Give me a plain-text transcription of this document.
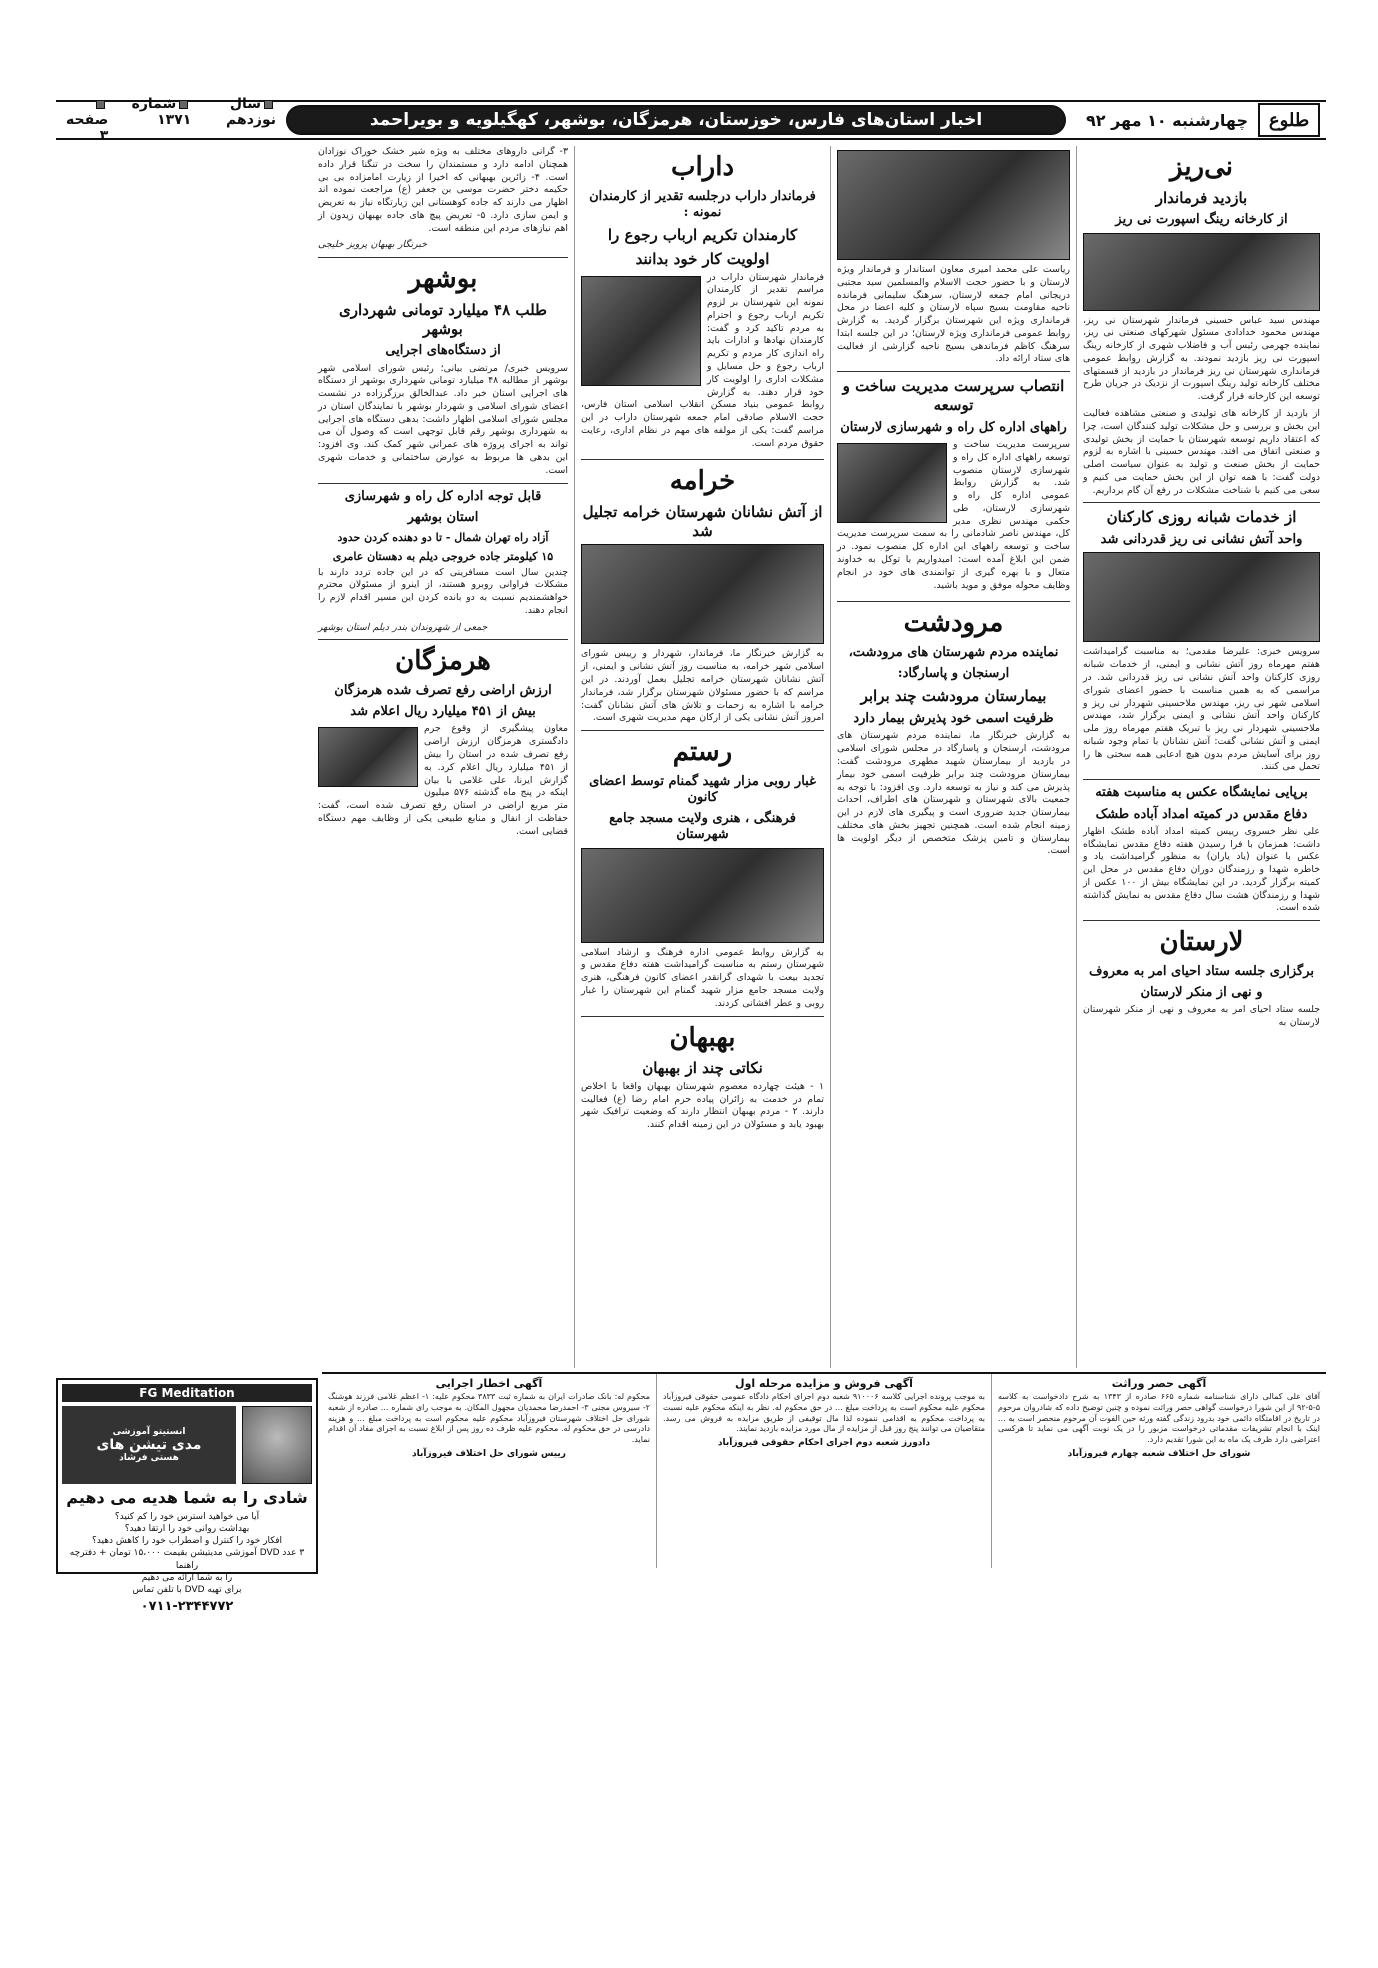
طلوع
چهارشنبه ۱۰ مهر ۹۲
اخبار استان‌های فارس، خوزستان، هرمزگان، بوشهر، کهگیلویه و بویراحمد
سال نوزدهم
شماره ۱۳۷۱
صفحه ۳
نی‌ریز
بازدید فرماندار
از کارخانه رینگ اسپورت نی ریز
مهندس سید عباس حسینی فرماندار شهرستان نی ریز، مهندس محمود خدادادی مسئول شهرکهای صنعتی نی ریز، نماینده جهرمی رئیس آب و فاضلاب شهری از کارخانه رینگ اسپورت نی ریز بازدید نمودند. به گزارش روابط عمومی فرمانداری شهرستان نی ریز فرماندار در بازدید از قسمتهای مختلف کارخانه تولید رینگ اسپورت از نزدیک در جریان طرح توسعه این کارخانه قرار گرفت.
از بازدید از کارخانه های تولیدی و صنعتی مشاهده فعالیت این بخش و بررسی و حل مشکلات تولید کنندگان است، چرا که اعتقاد داریم توسعه شهرستان با حمایت از بخش تولیدی و صنعتی اتفاق می افتد. مهندس حسینی با اشاره به لزوم حمایت از بخش صنعت و تولید به عنوان سیاست اصلی دولت گفت: با همه توان از این بخش حمایت می کنیم و سعی می کنیم با شناخت مشکلات در رفع آن گام برداریم.
از خدمات شبانه روزی کارکنان
واحد آتش نشانی نی ریز قدردانی شد
سرویس خبری: علیرضا مقدمی؛ به مناسبت گرامیداشت هفتم مهرماه روز آتش نشانی و ایمنی، از خدمات شبانه روزی کارکنان واحد آتش نشانی نی ریز قدردانی شد. در مراسمی که به همین مناسبت با حضور اعضای شورای اسلامی شهر نی ریز، مهندس ملاحسینی شهردار نی ریز و کارکنان واحد آتش نشانی و ایمنی برگزار شد، مهندس ملاحسینی شهردار نی ریز با تبریک هفتم مهرماه روز ملی ایمنی و آتش نشانی گفت: آتش نشانان با تمام وجود شبانه روز برای آسایش مردم بدون هیچ ادعایی همه سختی ها را تحمل می کنند.
برپایی نمایشگاه عکس به مناسبت هفته
دفاع مقدس در کمیته امداد آباده طشک
علی نظر خسروی رییس کمیته امداد آباده طشک اظهار داشت: همزمان با فرا رسیدن هفته دفاع مقدس نمایشگاه عکس با عنوان (یاد یاران) به منظور گرامیداشت یاد و خاطره شهدا و رزمندگان دوران دفاع مقدس در محل این کمیته برگزار گردید. در این نمایشگاه بیش از ۱۰۰ عکس از شهدا و رزمندگان هشت سال دفاع مقدس به نمایش گذاشته شده است.
لارستان
برگزاری جلسه ستاد احیای امر به معروف
و نهی از منکر لارستان
جلسه ستاد احیای امر به معروف و نهی از منکر شهرستان لارستان به
ریاست علی محمد امیری معاون استاندار و فرماندار ویژه لارستان و با حضور حجت الاسلام والمسلمین سید مجتبی دریجانی امام جمعه لارستان، سرهنگ سلیمانی فرمانده ناحیه مقاومت بسیج سپاه لارستان و کلیه اعضا در محل فرمانداری ویژه این شهرستان برگزار گردید. به گزارش روابط عمومی فرمانداری ویژه لارستان؛ در این جلسه ابتدا سرهنگ کاظم فرماندهی بسیج ناحیه گزارشی از فعالیت های ستاد ارائه داد.
انتصاب سرپرست مدیریت ساخت و توسعه
راههای اداره کل راه و شهرسازی لارستان
سرپرست مدیریت ساخت و توسعه راههای اداره کل راه و شهرسازی لارستان منصوب شد. به گزارش روابط عمومی اداره کل راه و شهرسازی لارستان، طی حکمی مهندس نظری مدیر کل، مهندس ناصر شادمانی را به سمت سرپرست مدیریت ساخت و توسعه راههای این اداره کل منصوب نمود. در ضمن این ابلاغ آمده است: امیدواریم با توکل به خداوند متعال و با بهره گیری از توانمندی های خود در انجام وظایف محوله موفق و موید باشید.
مرودشت
نماینده مردم شهرستان های مرودشت،
ارسنجان و پاسارگاد:
بیمارستان مرودشت چند برابر
ظرفیت اسمی خود پذیرش بیمار دارد
به گزارش خبرنگار ما، نماینده مردم شهرستان های مرودشت، ارسنجان و پاسارگاد در مجلس شورای اسلامی در بازدید از بیمارستان شهید مطهری مرودشت گفت: بیمارستان مرودشت چند برابر ظرفیت اسمی خود بیمار پذیرش می کند و نیاز به توسعه دارد. وی افزود: با توجه به جمعیت بالای شهرستان و شهرستان های اطراف، احداث بیمارستان جدید ضروری است و پیگیری های لازم در این زمینه انجام شده است. همچنین تجهیز بخش های مختلف بیمارستان و تامین پزشک متخصص از دیگر اولویت ها است.
داراب
فرماندار داراب درجلسه تقدیر از کارمندان نمونه :
کارمندان تکریم ارباب رجوع را
اولویت کار خود بدانند
فرماندار شهرستان داراب در مراسم تقدیر از کارمندان نمونه این شهرستان بر لزوم تکریم ارباب رجوع و احترام به مردم تاکید کرد و گفت: کارمندان نهادها و ادارات باید راه اندازی کار مردم و تکریم ارباب رجوع و حل مسایل و مشکلات اداری را اولویت کار خود قرار دهند. به گزارش روابط عمومی بنیاد مسکن انقلاب اسلامی استان فارس، حجت الاسلام صادقی امام جمعه شهرستان داراب در این مراسم گفت: یکی از مولفه های مهم در نظام اداری، رعایت حقوق مردم است.
خرامه
از آتش نشانان شهرستان خرامه تجلیل شد
به گزارش خبرنگار ما، فرماندار، شهردار و رییس شورای اسلامی شهر خرامه، به مناسبت روز آتش نشانی و ایمنی، از آتش نشانان شهرستان خرامه تجلیل بعمل آوردند. در این مراسم که با حضور مسئولان شهرستان برگزار شد، فرماندار خرامه با اشاره به زحمات و تلاش های آتش نشانان گفت: امروز آتش نشانی یکی از ارکان مهم مدیریت شهری است.
رستم
غبار روبی مزار شهید گمنام توسط اعضای کانون
فرهنگی ، هنری ولایت مسجد جامع شهرستان
به گزارش روابط عمومی اداره فرهنگ و ارشاد اسلامی شهرستان رستم به مناسبت گرامیداشت هفته دفاع مقدس و تجدید بیعت با شهدای گرانقدر اعضای کانون فرهنگی، هنری ولایت مسجد جامع مزار شهید گمنام این شهرستان را غبار روبی و عطر افشانی کردند.
بهبهان
نکاتی چند از بهبهان
۱ - هیئت چهارده معصوم شهرستان بهبهان واقعا با اخلاص تمام در خدمت به زائران پیاده حرم امام رضا (ع) فعالیت دارند. ۲ - مردم بهبهان انتظار دارند که وضعیت ترافیک شهر بهبود یابد و مسئولان در این زمینه اقدام کنند.
۳- گرانی داروهای مختلف به ویژه شیر خشک خوراک نوزادان همچنان ادامه دارد و مستمندان را سخت در تنگنا قرار داده است. ۴- زائرین بهبهانی که اخیرا از زیارت امامزاده بی بی حکیمه دختر حضرت موسی بن جعفر (ع) مراجعت نموده اند اظهار می دارند که جاده کوهستانی این زیارتگاه نیاز به تعریض و ایمن سازی دارد. ۵- تعریض پیچ های جاده بهبهان زیدون از اهم نیازهای مردم این منطقه است.
خبرنگار بهبهان پرویز خلیجی
بوشهر
طلب ۴۸ میلیارد تومانی شهرداری بوشهر
از دستگاه‌های اجرایی
سرویس خبری/ مرتضی بیانی؛ رئیس شورای اسلامی شهر بوشهر از مطالبه ۴۸ میلیارد تومانی شهرداری بوشهر از دستگاه های اجرایی استان خبر داد. عبدالخالق برزگرزاده در نشست اعضای شورای اسلامی و شهردار بوشهر با نمایندگان استان در مجلس شورای اسلامی اظهار داشت: بدهی دستگاه های اجرایی به شهرداری بوشهر رقم قابل توجهی است که وصول آن می تواند به اجرای پروژه های عمرانی شهر کمک کند. وی افزود: این بدهی ها مربوط به عوارض ساختمانی و خدمات شهری است.
قابل توجه اداره کل راه و شهرسازی
استان بوشهر
آزاد راه تهران شمال - تا دو دهنده کردن حدود
۱۵ کیلومتر جاده خروجی دیلم به دهستان عامری
چندین سال است مسافرینی که در این جاده تردد دارند با مشکلات فراوانی روبرو هستند، از اینرو از مسئولان محترم خواهشمندیم نسبت به دو بانده کردن این مسیر اقدام لازم را انجام دهند.
جمعی از شهروندان بندر دیلم استان بوشهر
هرمزگان
ارزش اراضی رفع تصرف شده هرمزگان
بیش از ۴۵۱ میلیارد ریال اعلام شد
معاون پیشگیری از وقوع جرم دادگستری هرمزگان ارزش اراضی رفع تصرف شده در استان را بیش از ۴۵۱ میلیارد ریال اعلام کرد. به گزارش ایرنا، علی غلامی با بیان اینکه در پنج ماه گذشته ۵۷۶ میلیون متر مربع اراضی در استان رفع تصرف شده است، گفت: حفاظت از انفال و منابع طبیعی یکی از وظایف مهم دستگاه قضایی است.
FG Meditation
انستیتو آموزشی
مدی تیشن های
هستی فرشاد
شادی را به شما هدیه می دهیم
آیا می خواهید استرس خود را کم کنید؟
بهداشت روانی خود را ارتقا دهید؟
افکار خود را کنترل و اضطراب خود را کاهش دهید؟
۳ عدد DVD آموزشی مدیتیشن بقیمت ۱۵،۰۰۰ تومان + دفترچه راهنما
را به شما ارائه می دهیم
برای تهیه DVD با تلفن تماس
۰۷۱۱-۲۳۴۴۷۷۲
آگهی حصر وراثت
آقای علی کمالی دارای شناسنامه شماره ۶۶۵ صادره از ۱۳۴۳ به شرح دادخواست به کلاسه ۵-۵-۹۲ از این شورا درخواست گواهی حصر وراثت نموده و چنین توضیح داده که شادروان مرحوم در تاریخ در اقامتگاه دائمی خود بدرود زندگی گفته ورثه حین الفوت آن مرحوم منحصر است به ... اینک با انجام تشریفات مقدماتی درخواست مزبور را در یک نوبت آگهی می نماید تا هرکسی اعتراضی دارد ظرف یک ماه به این شورا تقدیم دارد.
شورای حل اختلاف شعبه چهارم فیروزآباد
آگهی فروش و مزایده مرحله اول
به موجب پرونده اجرایی کلاسه ۹۱۰۰۰۶ شعبه دوم اجرای احکام دادگاه عمومی حقوقی فیروزآباد محکوم علیه محکوم است به پرداخت مبلغ ... در حق محکوم له. نظر به اینکه محکوم علیه نسبت به پرداخت محکوم به اقدامی ننموده لذا مال توقیفی از طریق مزایده به فروش می رسد. متقاضیان می توانند پنج روز قبل از مزایده از مال مورد مزایده بازدید نمایند.
دادورز شعبه دوم اجرای احکام حقوقی فیروزآباد
آگهی اخطار اجرایی
محکوم له: بانک صادرات ایران به شماره ثبت ۳۸۳۳ محکوم علیه: ۱- اعظم غلامی فرزند هوشنگ ۲- سیروس مجنی ۳- احمدرضا محمدیان مجهول المکان. به موجب رای شماره ... صادره از شعبه شورای حل اختلاف شهرستان فیروزآباد محکوم علیه محکوم است به پرداخت مبلغ ... و هزینه دادرسی در حق محکوم له. محکوم علیه ظرف ده روز پس از ابلاغ نسبت به اجرای مفاد آن اقدام نماید.
رییس شورای حل اختلاف فیروزآباد
